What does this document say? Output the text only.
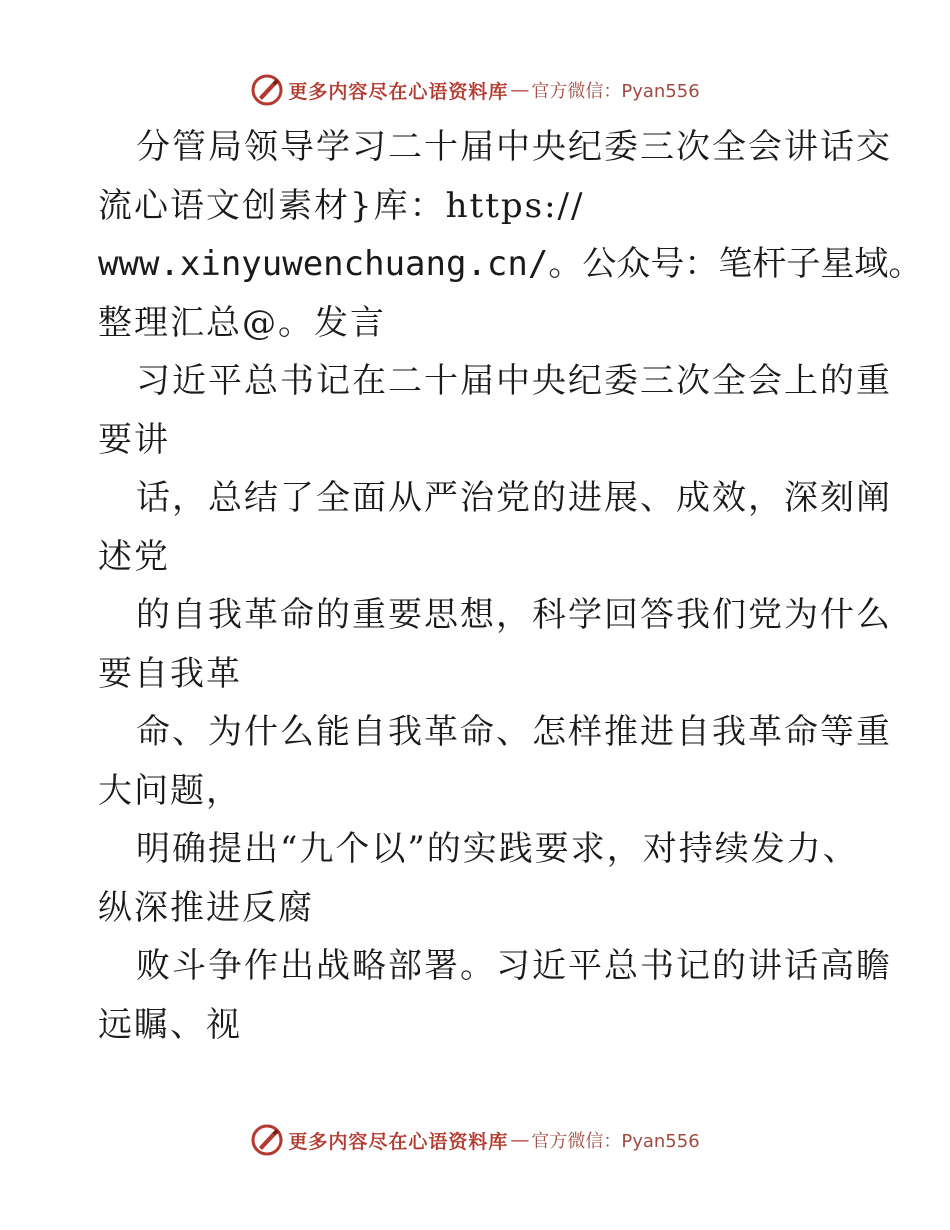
更多内容尽在心语资料库 — 官方微信：Pyan556
分管局领导学习二十届中央纪委三次全会讲话交
流心语文创素材}库：https://
www.xinyuwenchuang.cn/。公众号：笔杆子星域。
整理汇总@。发言
习近平总书记在二十届中央纪委三次全会上的重
要讲
话，总结了全面从严治党的进展、成效，深刻阐
述党
的自我革命的重要思想，科学回答我们党为什么
要自我革
命、为什么能自我革命、怎样推进自我革命等重
大问题，
明确提出“九个以”的实践要求，对持续发力、
纵深推进反腐
败斗争作出战略部署。习近平总书记的讲话高瞻
远瞩、视
更多内容尽在心语资料库 — 官方微信：Pyan556
